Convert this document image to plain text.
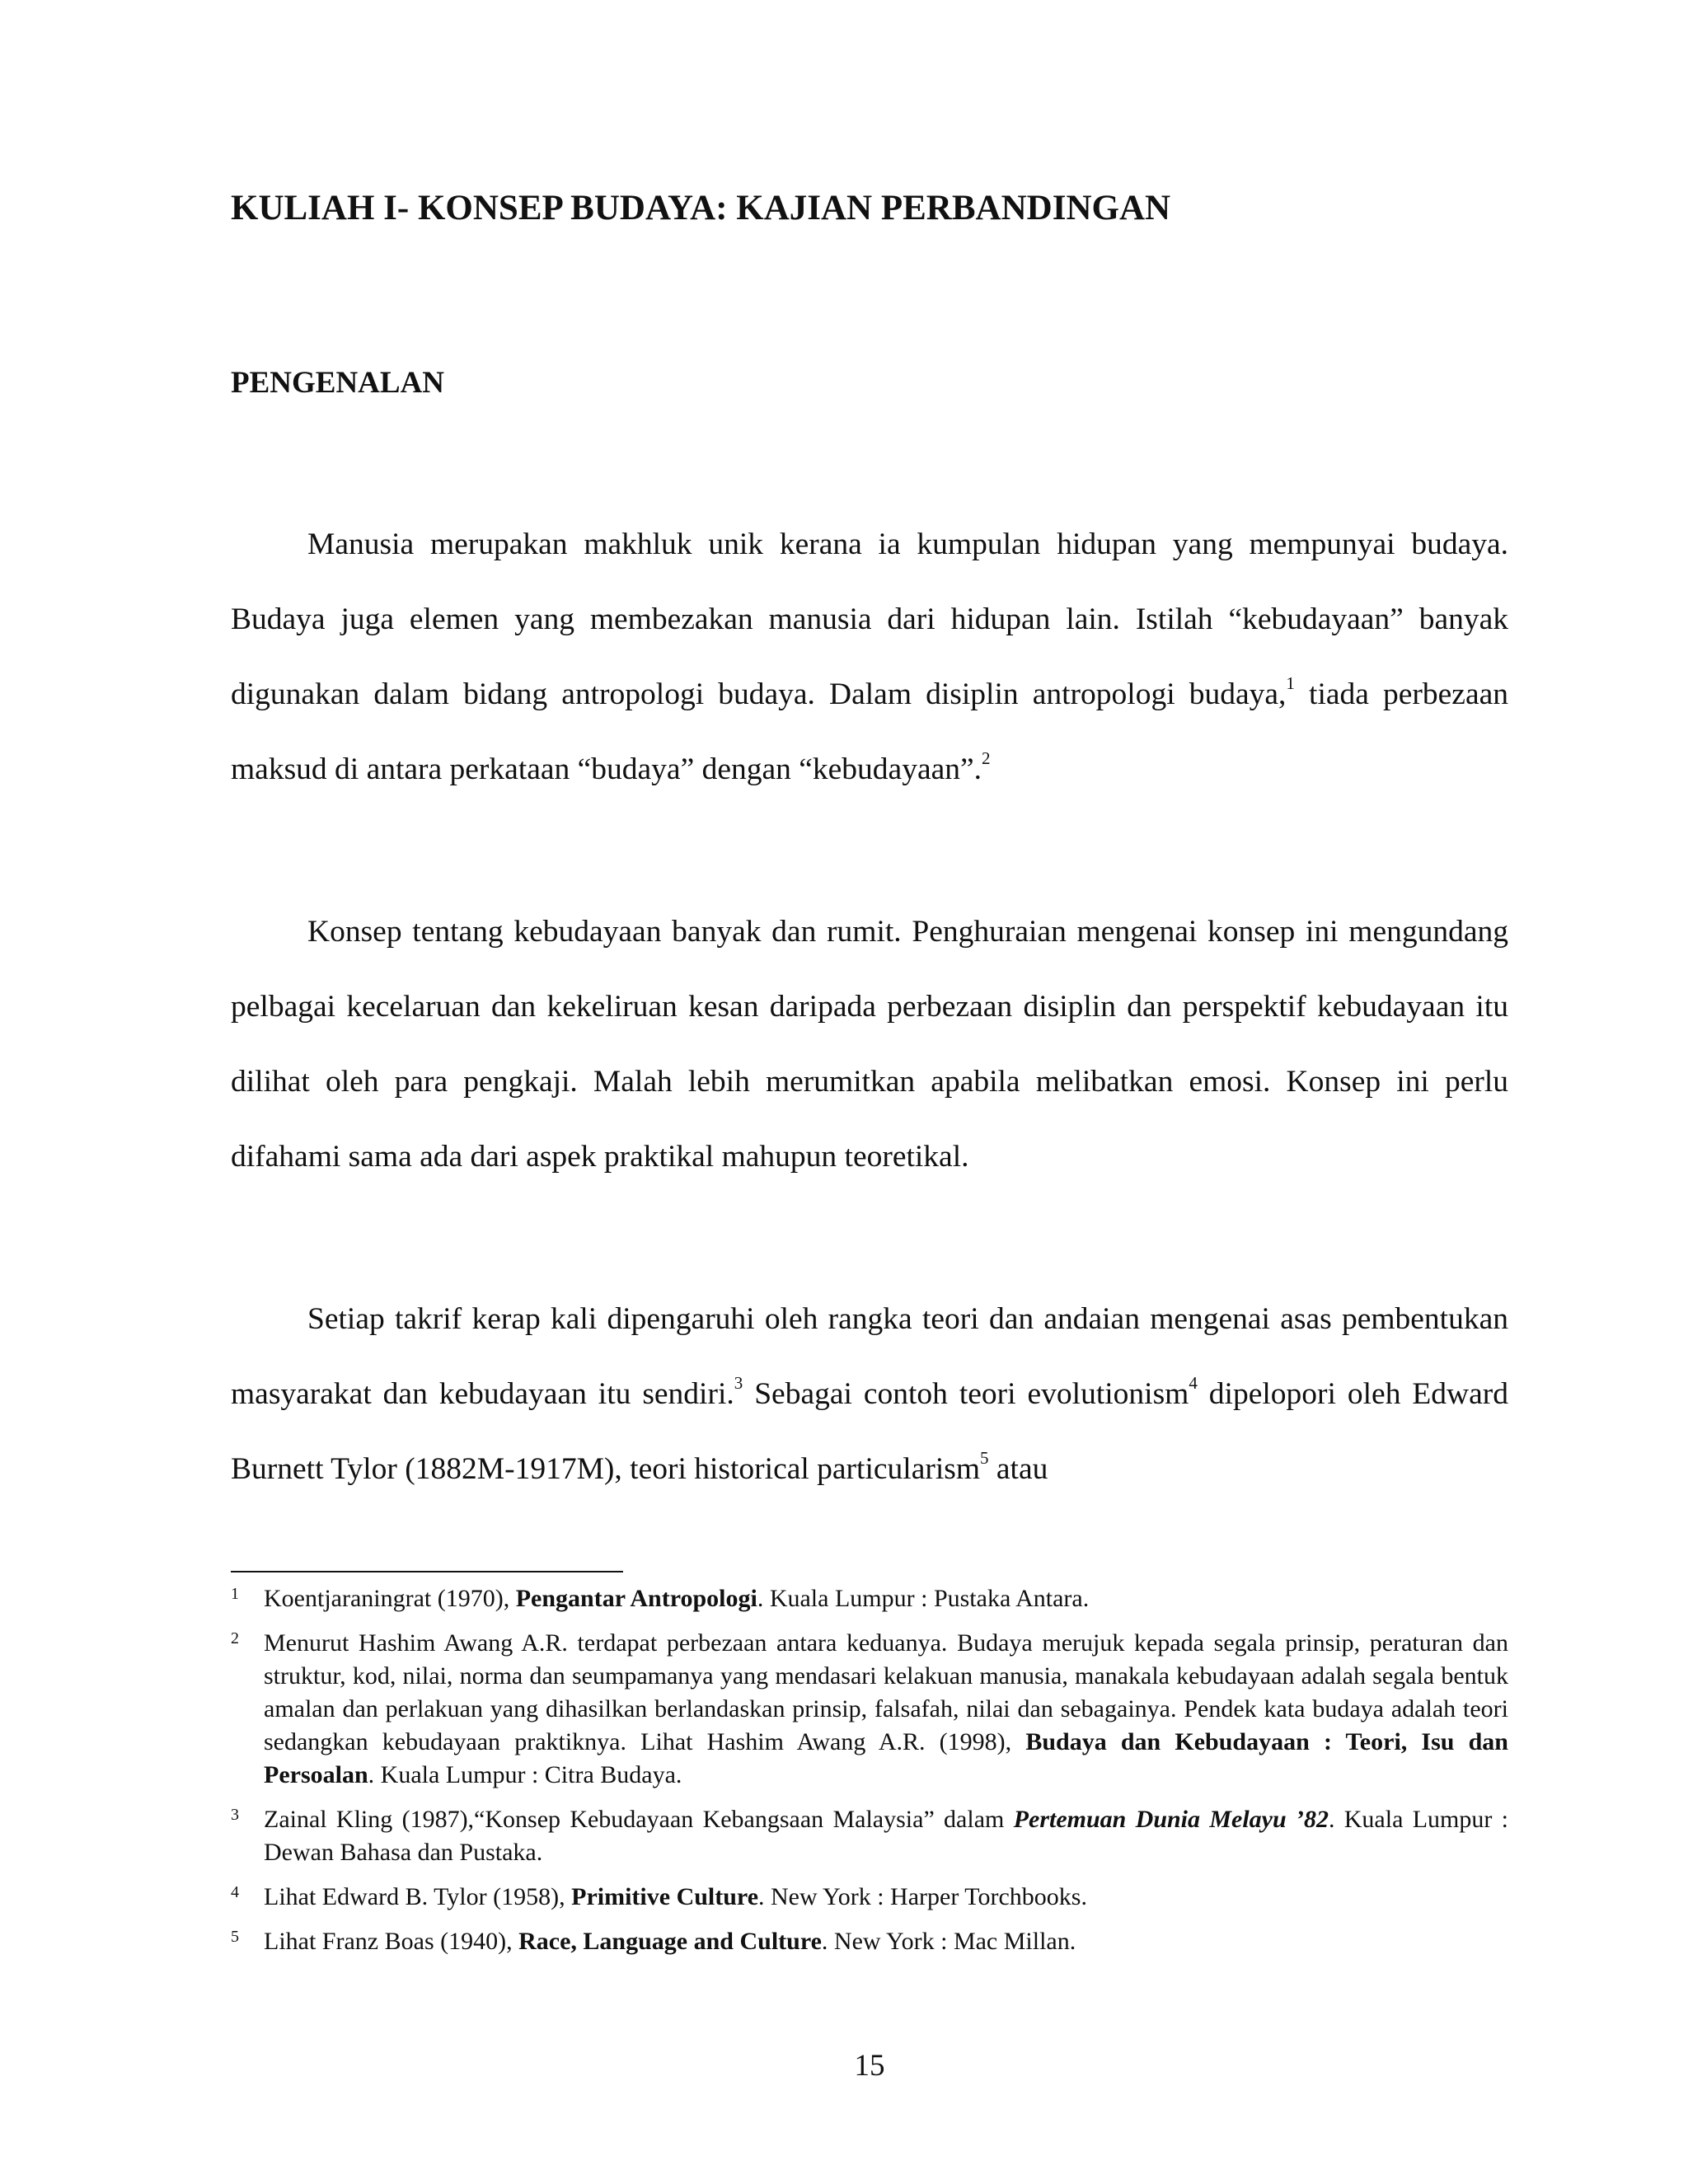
KULIAH I- KONSEP BUDAYA: KAJIAN PERBANDINGAN
PENGENALAN

Manusia merupakan makhluk unik kerana ia kumpulan hidupan yang mempunyai budaya. Budaya juga elemen yang membezakan manusia dari hidupan lain. Istilah “kebudayaan” banyak digunakan dalam bidang antropologi budaya. Dalam disiplin antropologi budaya,$^1$ tiada perbezaan maksud di antara perkataan “budaya” dengan “kebudayaan”.$^2$

Konsep tentang kebudayaan banyak dan rumit. Penghuraian mengenai konsep ini mengundang pelbagai kecelaruan dan kekeliruan kesan daripada perbezaan disiplin dan perspektif kebudayaan itu dilihat oleh para pengkaji. Malah lebih merumitkan apabila melibatkan emosi. Konsep ini perlu difahami sama ada dari aspek praktikal mahupun teoretikal.

Setiap takrif kerap kali dipengaruhi oleh rangka teori dan andaian mengenai asas pembentukan masyarakat dan kebudayaan itu sendiri.$^3$ Sebagai contoh teori evolutionism$^4$ dipelopori oleh Edward Burnett Tylor (1882M-1917M), teori historical particularism$^5$ atau

1 Koentjaraningrat (1970), Pengantar Antropologi. Kuala Lumpur : Pustaka Antara.

2 Menurut Hashim Awang A.R. terdapat perbezaan antara keduanya. Budaya merujuk kepada segala prinsip, peraturan dan struktur, kod, nilai, norma dan seumpamanya yang mendasari kelakuan manusia, manakala kebudayaan adalah segala bentuk amalan dan perlakuan yang dihasilkan berlandaskan prinsip, falsafah, nilai dan sebagainya. Pendek kata budaya adalah teori sedangkan kebudayaan praktiknya. Lihat Hashim Awang A.R. (1998), Budaya dan Kebudayaan : Teori, Isu dan Persoalan. Kuala Lumpur : Citra Budaya.

3 Zainal Kling (1987),“Konsep Kebudayaan Kebangsaan Malaysia” dalam Pertemuan Dunia Melayu ’82. Kuala Lumpur : Dewan Bahasa dan Pustaka.

4 Lihat Edward B. Tylor (1958), Primitive Culture. New York : Harper Torchbooks.

5 Lihat Franz Boas (1940), Race, Language and Culture. New York : Mac Millan.

15
